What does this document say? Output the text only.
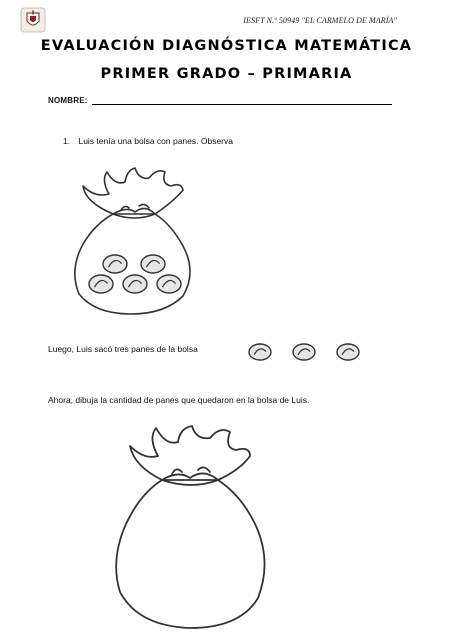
IESFT N.º 50949 "EL CARMELO DE MARÍA"
EVALUACIÓN DIAGNÓSTICA MATEMÁTICA
PRIMER GRADO – PRIMARIA
NOMBRE:
1. Luis tenía una bolsa con panes. Observa
Luego, Luis sacó tres panes de la bolsa
Ahora, dibuja la cantidad de panes que quedaron en la bolsa de Luis.
